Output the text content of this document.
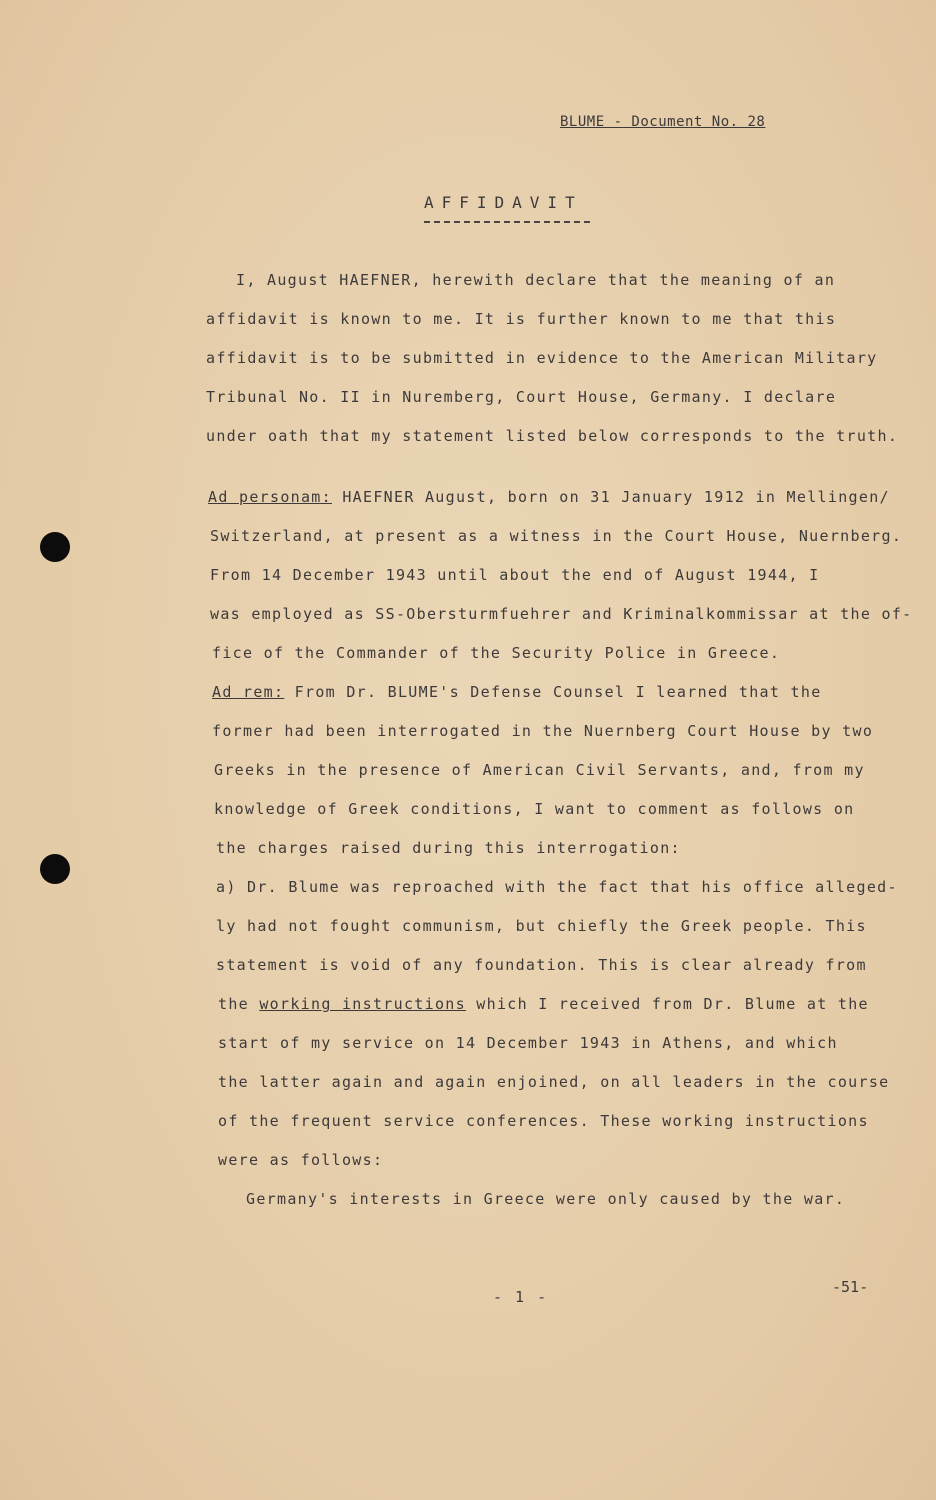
BLUME - Document No. 28
AFFIDAVIT
I, August HAEFNER, herewith declare that the meaning of an
affidavit is known to me. It is further known to me that this
affidavit is to be submitted in evidence to the American Military
Tribunal No. II in Nuremberg, Court House, Germany. I declare
under oath that my statement listed below corresponds to the truth.
Ad personam: HAEFNER August, born on 31 January 1912 in Mellingen/
Switzerland, at present as a witness in the Court House, Nuernberg.
From 14 December 1943 until about the end of August 1944, I
was employed as SS-Obersturmfuehrer and Kriminalkommissar at the of-
fice of the Commander of the Security Police in Greece.
Ad rem: From Dr. BLUME's Defense Counsel I learned that the
former had been interrogated in the Nuernberg Court House by two
Greeks in the presence of American Civil Servants, and, from my
knowledge of Greek conditions, I want to comment as follows on
the charges raised during this interrogation:
a) Dr. Blume was reproached with the fact that his office alleged-
ly had not fought communism, but chiefly the Greek people. This
statement is void of any foundation. This is clear already from
the working instructions which I received from Dr. Blume at the
start of my service on 14 December 1943 in Athens, and which
the latter again and again enjoined, on all leaders in the course
of the frequent service conferences. These working instructions
were as follows:
Germany's interests in Greece were only caused by the war.
- 1 -
-51-
